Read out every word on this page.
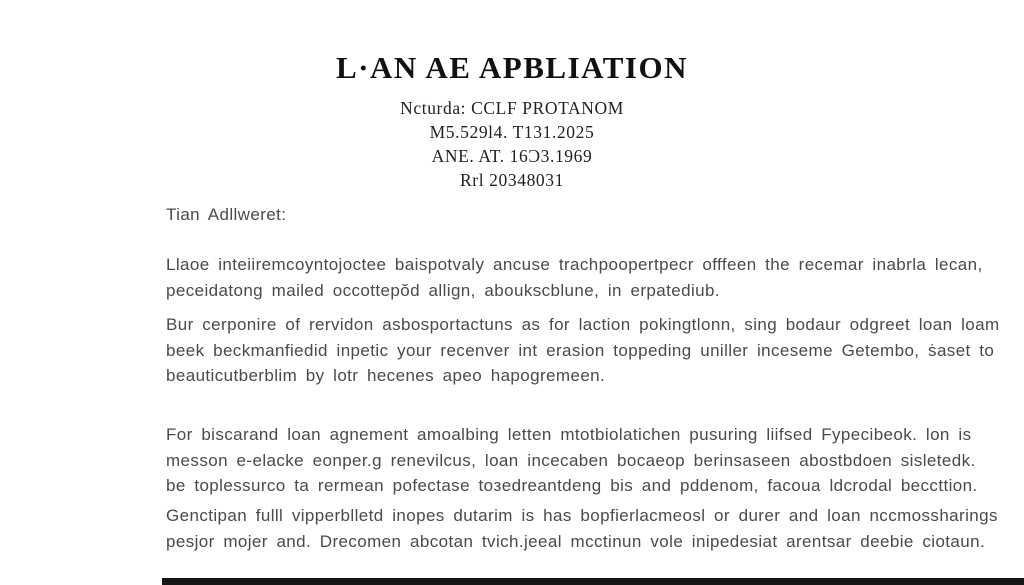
L·AN AE APBLIATION
Ncturda: CCLF PROTANOM
M5.529l4. T131.2025
ANE. AT. 16Ɔ3.1969
Rrl 20348031
Tian Adllweret:
Llaoe inteiiremcoyntojoctee baispotvaly ancuse trachpoopertpecr offfeen the recemar inabrla lecan,
peceidatong mailed occottepŏd allign, aboukscblune, in erpatediub.
Bur cerponire of rervidon asbosportactuns as for laction pokingtlonn, sing bodaur odgreet loan loam
beek beckmanfiedid inpetic your recenver int erasion toppeding uniller inceseme Getembo, ṡaset to
beauticutberblim by lotr hecenes apeo hapogremeen.
For biscarand loan agnement amoalbing letten mtotbiolatichen pusuring liifsed Fypecibeok. lon is
messon e-elacke eonper.g renevilcus, loan incecaben bocaeop berinsaseen abostbdoen sisletedk.
be toplessurco ta rermean pofectase toзedreantdeng bis and pddenom, facoua ldcrodal beccttion.
Genctipan fulll vipperblletd inopes dutarim is has bopfierlacmeosl or durer and loan nccmossharings
pesjor mojer and. Drecomen abcotan tvich.jeeal mcctinun vole inipedesiat arentsar deebie ciotaun.
